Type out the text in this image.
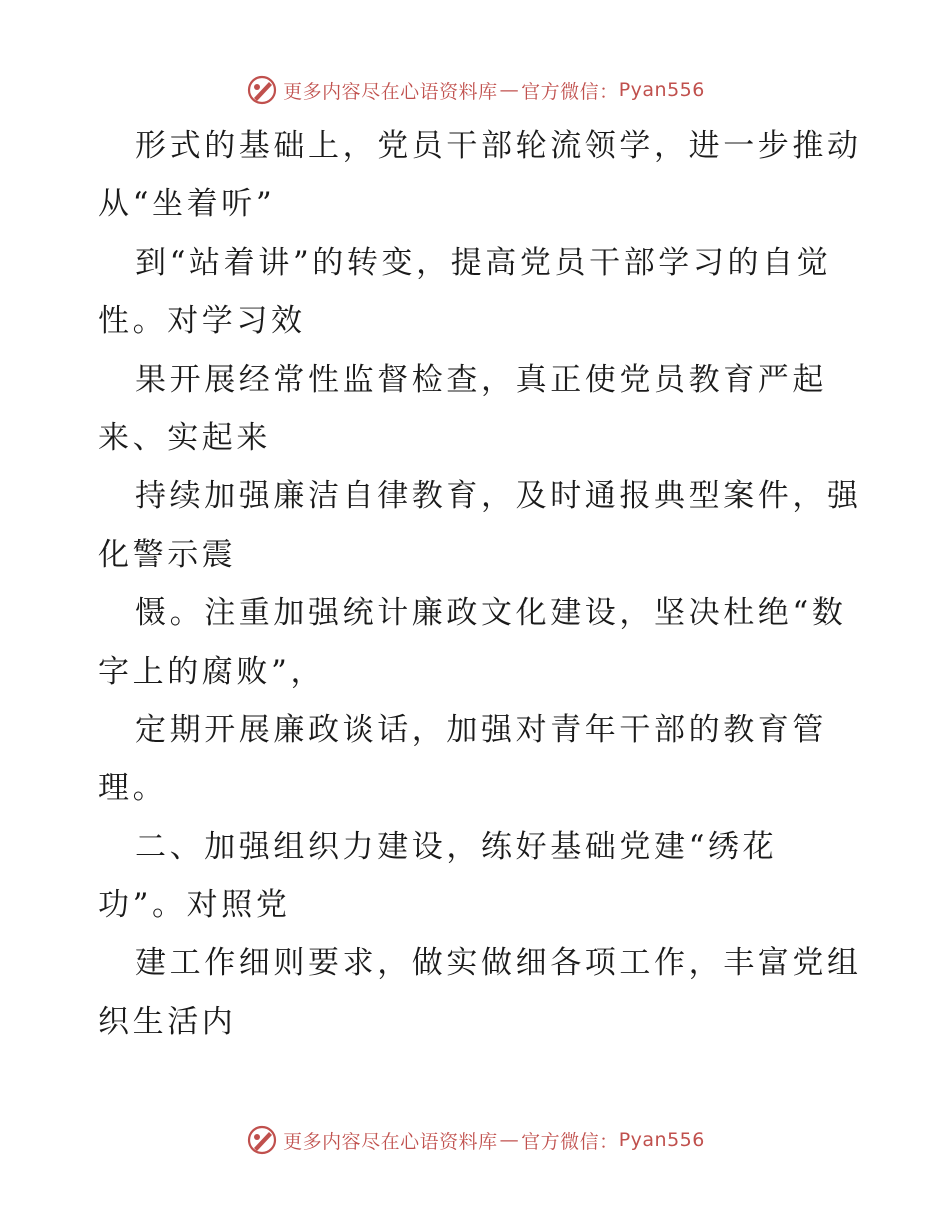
更多内容尽在心语资料库 — 官方微信： Pyan556
形式的基础上，党员干部轮流领学，进一步推动
从“坐着听”
到“站着讲”的转变，提高党员干部学习的自觉
性。对学习效
果开展经常性监督检查，真正使党员教育严起
来、实起来
持续加强廉洁自律教育，及时通报典型案件，强
化警示震
慑。注重加强统计廉政文化建设，坚决杜绝“数
字上的腐败”，
定期开展廉政谈话，加强对青年干部的教育管
理。
二、加强组织力建设，练好基础党建“绣花
功”。对照党
建工作细则要求，做实做细各项工作，丰富党组
织生活内
更多内容尽在心语资料库 — 官方微信： Pyan556
